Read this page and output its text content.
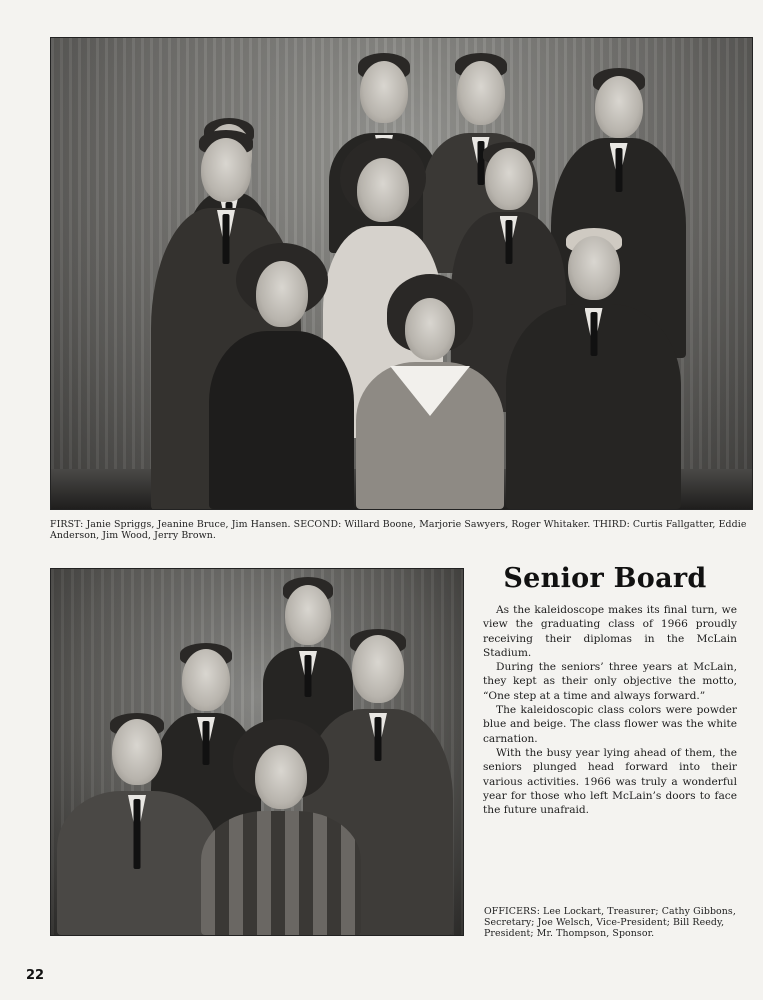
FIRST: Janie Spriggs, Jeanine Bruce, Jim Hansen. SECOND: Willard Boone, Marjorie Sawyers, Roger Whitaker. THIRD: Curtis Fallgatter, Eddie Anderson, Jim Wood, Jerry Brown.
Senior Board

As the kaleidoscope makes its final turn, we view the graduating class of 1966 proudly receiving their diplomas in the McLain Stadium.

During the seniors’ three years at McLain, they kept as their only objective the motto, “One step at a time and always forward.”

The kaleidoscopic class colors were powder blue and beige. The class flower was the white carnation.

With the busy year lying ahead of them, the seniors plunged head forward into their various activities. 1966 was truly a wonderful year for those who left McLain’s doors to face the future unafraid.

OFFICERS: Lee Lockart, Treasurer; Cathy Gibbons, Secretary; Joe Welsch, Vice-President; Bill Reedy, President; Mr. Thompson, Sponsor.
22
